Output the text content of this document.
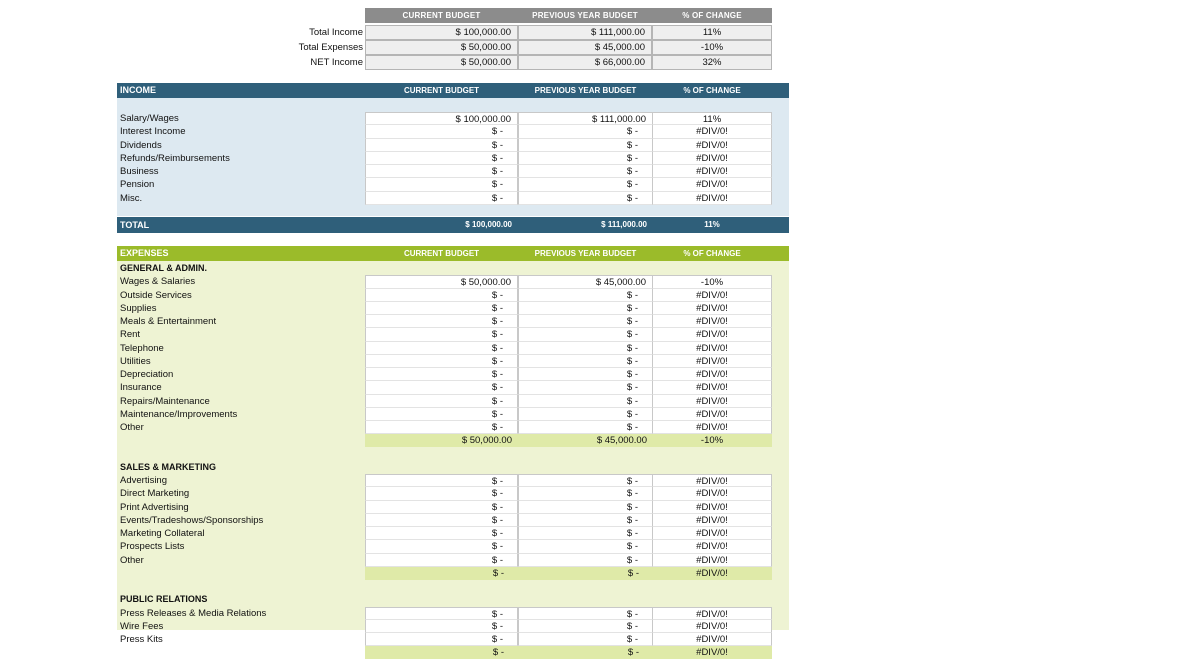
CURRENT BUDGET	PREVIOUS YEAR BUDGET	% OF CHANGE
Total Income	$ 100,000.00	$ 111,000.00	11%
Total Expenses	$ 50,000.00	$ 45,000.00	-10%
NET Income	$ 50,000.00	$ 66,000.00	32%
INCOME	CURRENT BUDGET	PREVIOUS YEAR BUDGET	% OF CHANGE
Salary/Wages	$ 100,000.00	$ 111,000.00	11%
Interest Income	$ -	$ -	#DIV/0!
Dividends	$ -	$ -	#DIV/0!
Refunds/Reimbursements	$ -	$ -	#DIV/0!
Business	$ -	$ -	#DIV/0!
Pension	$ -	$ -	#DIV/0!
Misc.	$ -	$ -	#DIV/0!
TOTAL	$ 100,000.00	$ 111,000.00	11%
EXPENSES	CURRENT BUDGET	PREVIOUS YEAR BUDGET	% OF CHANGE
GENERAL & ADMIN.
Wages & Salaries	$ 50,000.00	$ 45,000.00	-10%
Outside Services	$ -	$ -	#DIV/0!
Supplies	$ -	$ -	#DIV/0!
Meals & Entertainment	$ -	$ -	#DIV/0!
Rent	$ -	$ -	#DIV/0!
Telephone	$ -	$ -	#DIV/0!
Utilities	$ -	$ -	#DIV/0!
Depreciation	$ -	$ -	#DIV/0!
Insurance	$ -	$ -	#DIV/0!
Repairs/Maintenance	$ -	$ -	#DIV/0!
Maintenance/Improvements	$ -	$ -	#DIV/0!
Other	$ -	$ -	#DIV/0!
$ 50,000.00	$ 45,000.00	-10%
SALES & MARKETING
Advertising	$ -	$ -	#DIV/0!
Direct Marketing	$ -	$ -	#DIV/0!
Print Advertising	$ -	$ -	#DIV/0!
Events/Tradeshows/Sponsorships	$ -	$ -	#DIV/0!
Marketing Collateral	$ -	$ -	#DIV/0!
Prospects Lists	$ -	$ -	#DIV/0!
Other	$ -	$ -	#DIV/0!
$ -	$ -	#DIV/0!
PUBLIC RELATIONS
Press Releases & Media Relations	$ -	$ -	#DIV/0!
Wire Fees	$ -	$ -	#DIV/0!
Press Kits	$ -	$ -	#DIV/0!
$ -	$ -	#DIV/0!
